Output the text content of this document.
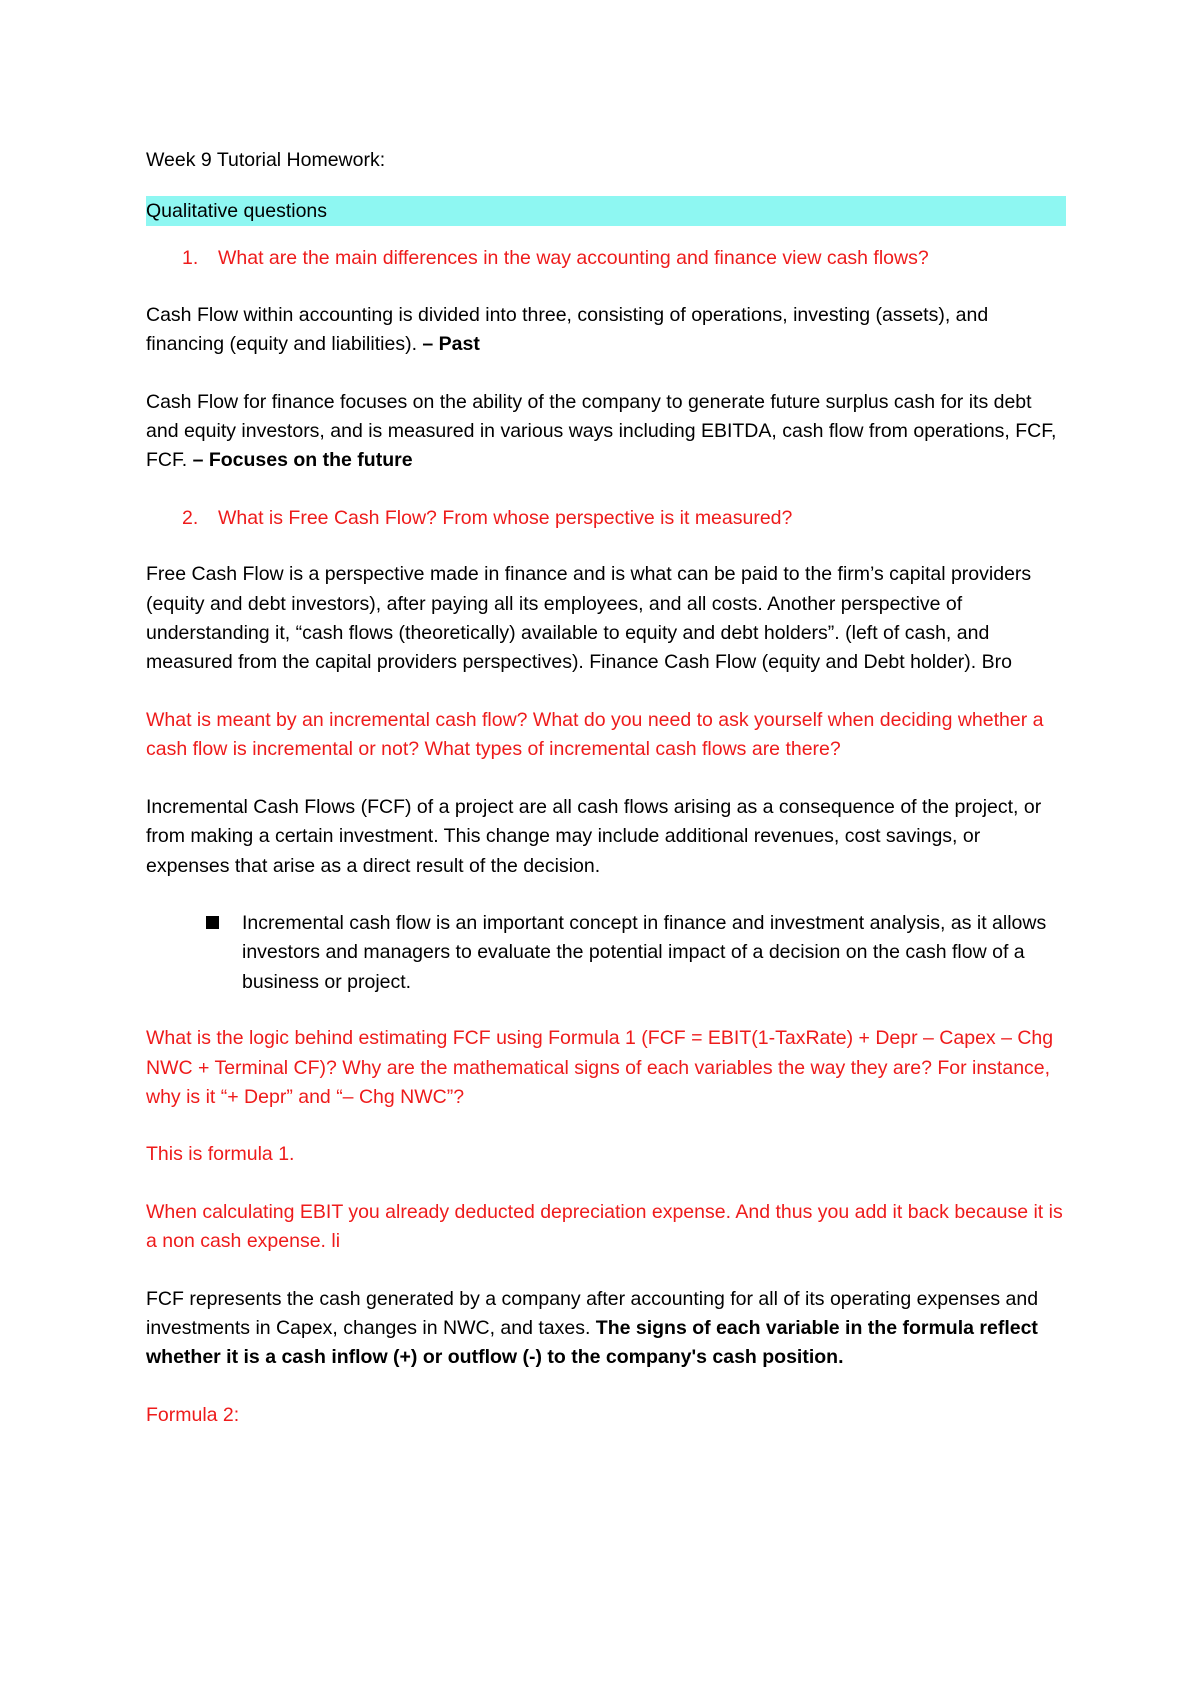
Week 9 Tutorial Homework:

Qualitative questions
1.	What are the main differences in the way accounting and finance view cash flows?

Cash Flow within accounting is divided into three, consisting of operations, investing (assets), and financing (equity and liabilities). – Past

Cash Flow for finance focuses on the ability of the company to generate future surplus cash for its debt and equity investors, and is measured in various ways including EBITDA, cash flow from operations, FCF, FCF. – Focuses on the future

2.	What is Free Cash Flow? From whose perspective is it measured?

Free Cash Flow is a perspective made in finance and is what can be paid to the firm’s capital providers (equity and debt investors), after paying all its employees, and all costs. Another perspective of understanding it, “cash flows (theoretically) available to equity and debt holders”. (left of cash, and measured from the capital providers perspectives). Finance Cash Flow (equity and Debt holder). Bro

What is meant by an incremental cash flow? What do you need to ask yourself when deciding whether a cash flow is incremental or not? What types of incremental cash flows are there?

Incremental Cash Flows (FCF) of a project are all cash flows arising as a consequence of the project, or from making a certain investment. This change may include additional revenues, cost savings, or expenses that arise as a direct result of the decision.

Incremental cash flow is an important concept in finance and investment analysis, as it allows investors and managers to evaluate the potential impact of a decision on the cash flow of a business or project.

What is the logic behind estimating FCF using Formula 1 (FCF = EBIT(1-TaxRate) + Depr – Capex – Chg NWC + Terminal CF)? Why are the mathematical signs of each variables the way they are? For instance, why is it “+ Depr” and “– Chg NWC”?

This is formula 1.

When calculating EBIT you already deducted depreciation expense. And thus you add it back because it is a non cash expense. li

FCF represents the cash generated by a company after accounting for all of its operating expenses and investments in Capex, changes in NWC, and taxes. The signs of each variable in the formula reflect whether it is a cash inflow (+) or outflow (-) to the company's cash position.

Formula 2:
